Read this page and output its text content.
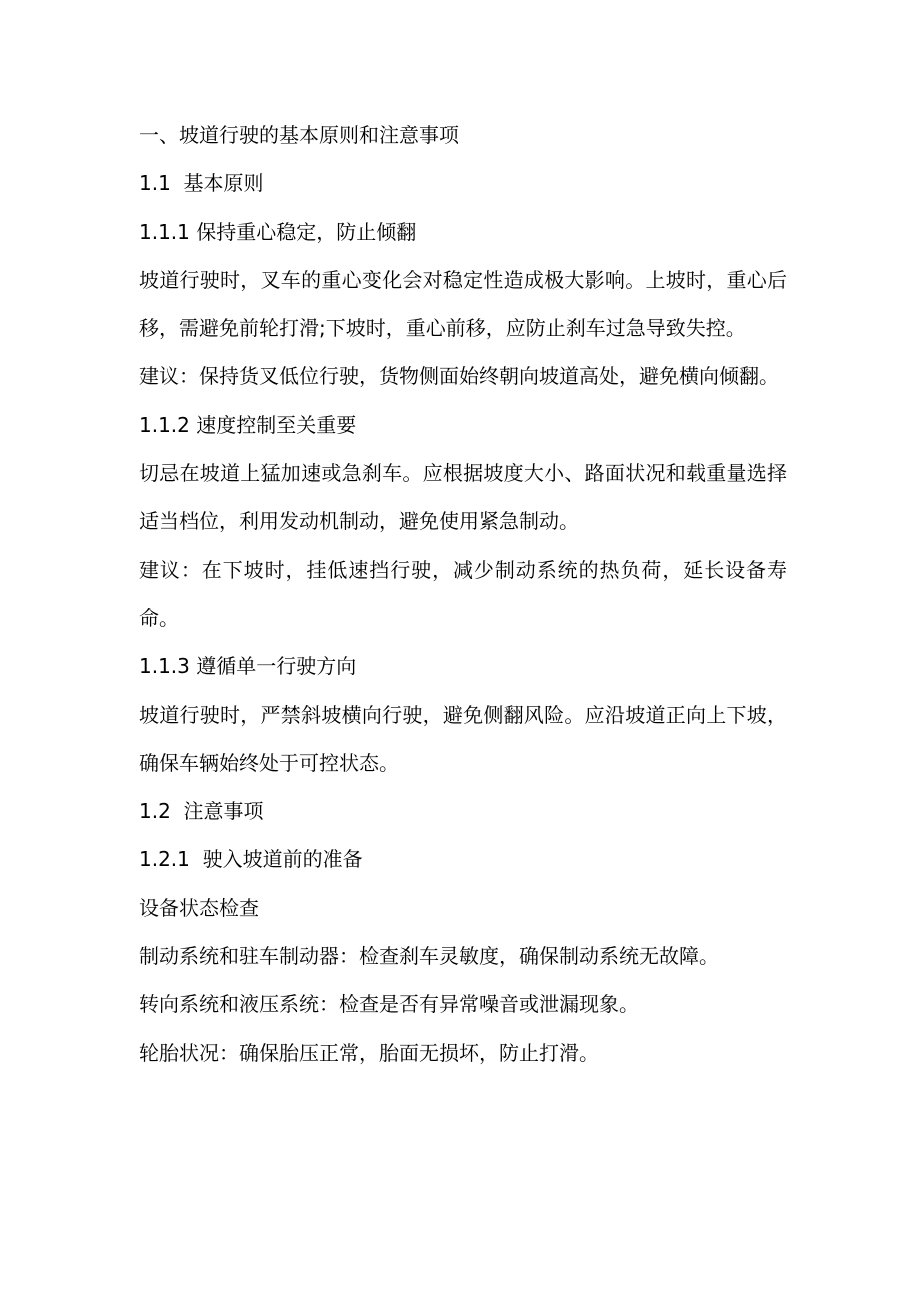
一、坡道行驶的基本原则和注意事项

1.1  基本原则

1.1.1 保持重心稳定，防止倾翻

坡道行驶时，叉车的重心变化会对稳定性造成极大影响。上坡时，重心后移，需避免前轮打滑;下坡时，重心前移，应防止刹车过急导致失控。

建议：保持货叉低位行驶，货物侧面始终朝向坡道高处，避免横向倾翻。

1.1.2 速度控制至关重要

切忌在坡道上猛加速或急刹车。应根据坡度大小、路面状况和载重量选择适当档位，利用发动机制动，避免使用紧急制动。

建议：在下坡时，挂低速挡行驶，减少制动系统的热负荷，延长设备寿命。

1.1.3 遵循单一行驶方向

坡道行驶时，严禁斜坡横向行驶，避免侧翻风险。应沿坡道正向上下坡，确保车辆始终处于可控状态。

1.2  注意事项

1.2.1  驶入坡道前的准备

设备状态检查

制动系统和驻车制动器：检查刹车灵敏度，确保制动系统无故障。

转向系统和液压系统：检查是否有异常噪音或泄漏现象。

轮胎状况：确保胎压正常，胎面无损坏，防止打滑。
